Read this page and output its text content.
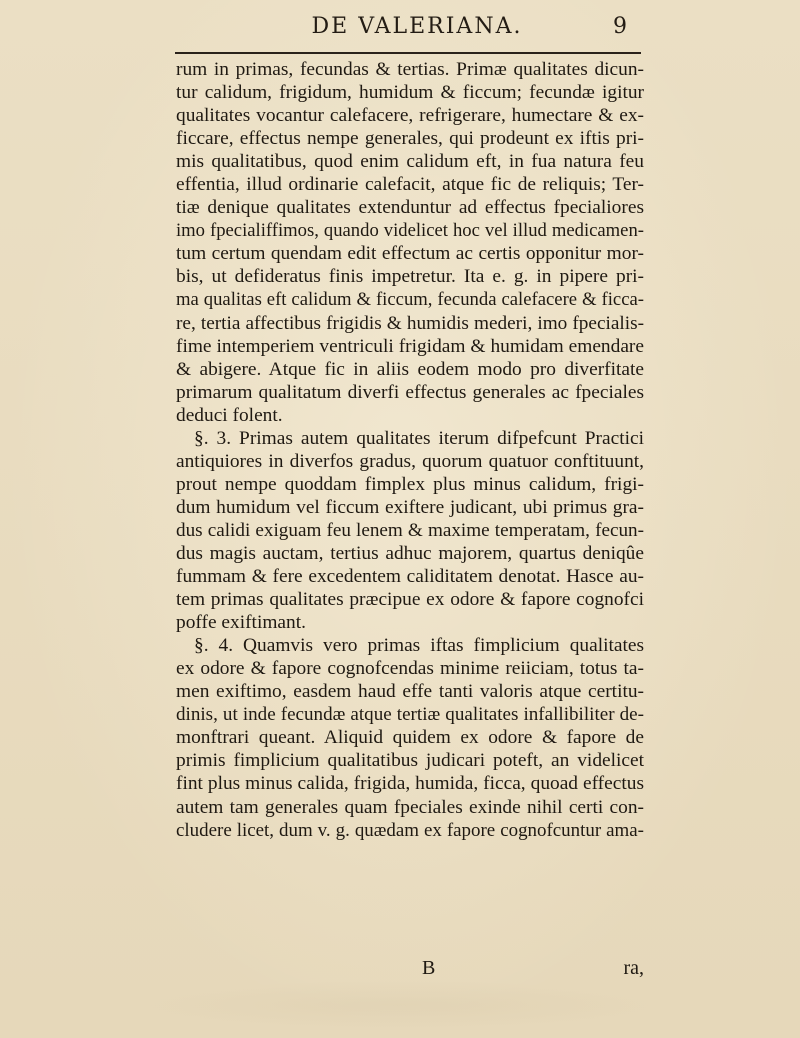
DE VALERIANA.	9
rum in primas, fecundas & tertias. Primæ qualitates dicun-
tur calidum, frigidum, humidum & ficcum; fecundæ igitur
qualitates vocantur calefacere, refrigerare, humectare & ex-
ficcare, effectus nempe generales, qui prodeunt ex iftis pri-
mis qualitatibus, quod enim calidum eft, in fua natura feu
effentia, illud ordinarie calefacit, atque fic de reliquis; Ter-
tiæ denique qualitates extenduntur ad effectus fpecialiores
imo fpecialiffimos, quando videlicet hoc vel illud medicamen-
tum certum quendam edit effectum ac certis opponitur mor-
bis, ut defideratus finis impetretur. Ita e. g. in pipere pri-
ma qualitas eft calidum & ficcum, fecunda calefacere & ficca-
re, tertia affectibus frigidis & humidis mederi, imo fpecialis-
fime intemperiem ventriculi frigidam & humidam emendare
& abigere. Atque fic in aliis eodem modo pro diverfitate
primarum qualitatum diverfi effectus generales ac fpeciales
deduci folent.
§. 3. Primas autem qualitates iterum difpefcunt Practici
antiquiores in diverfos gradus, quorum quatuor conftituunt,
prout nempe quoddam fimplex plus minus calidum, frigi-
dum humidum vel ficcum exiftere judicant, ubi primus gra-
dus calidi exiguam feu lenem & maxime temperatam, fecun-
dus magis auctam, tertius adhuc majorem, quartus deniqûe
fummam & fere excedentem caliditatem denotat. Hasce au-
tem primas qualitates præcipue ex odore & fapore cognofci
poffe exiftimant.
§. 4. Quamvis vero primas iftas fimplicium qualitates
ex odore & fapore cognofcendas minime reiiciam, totus ta-
men exiftimo, easdem haud effe tanti valoris atque certitu-
dinis, ut inde fecundæ atque tertiæ qualitates infallibiliter de-
monftrari queant. Aliquid quidem ex odore & fapore de
primis fimplicium qualitatibus judicari poteft, an videlicet
fint plus minus calida, frigida, humida, ficca, quoad effectus
autem tam generales quam fpeciales exinde nihil certi con-
cludere licet, dum v. g. quædam ex fapore cognofcuntur ama-
B	ra,
